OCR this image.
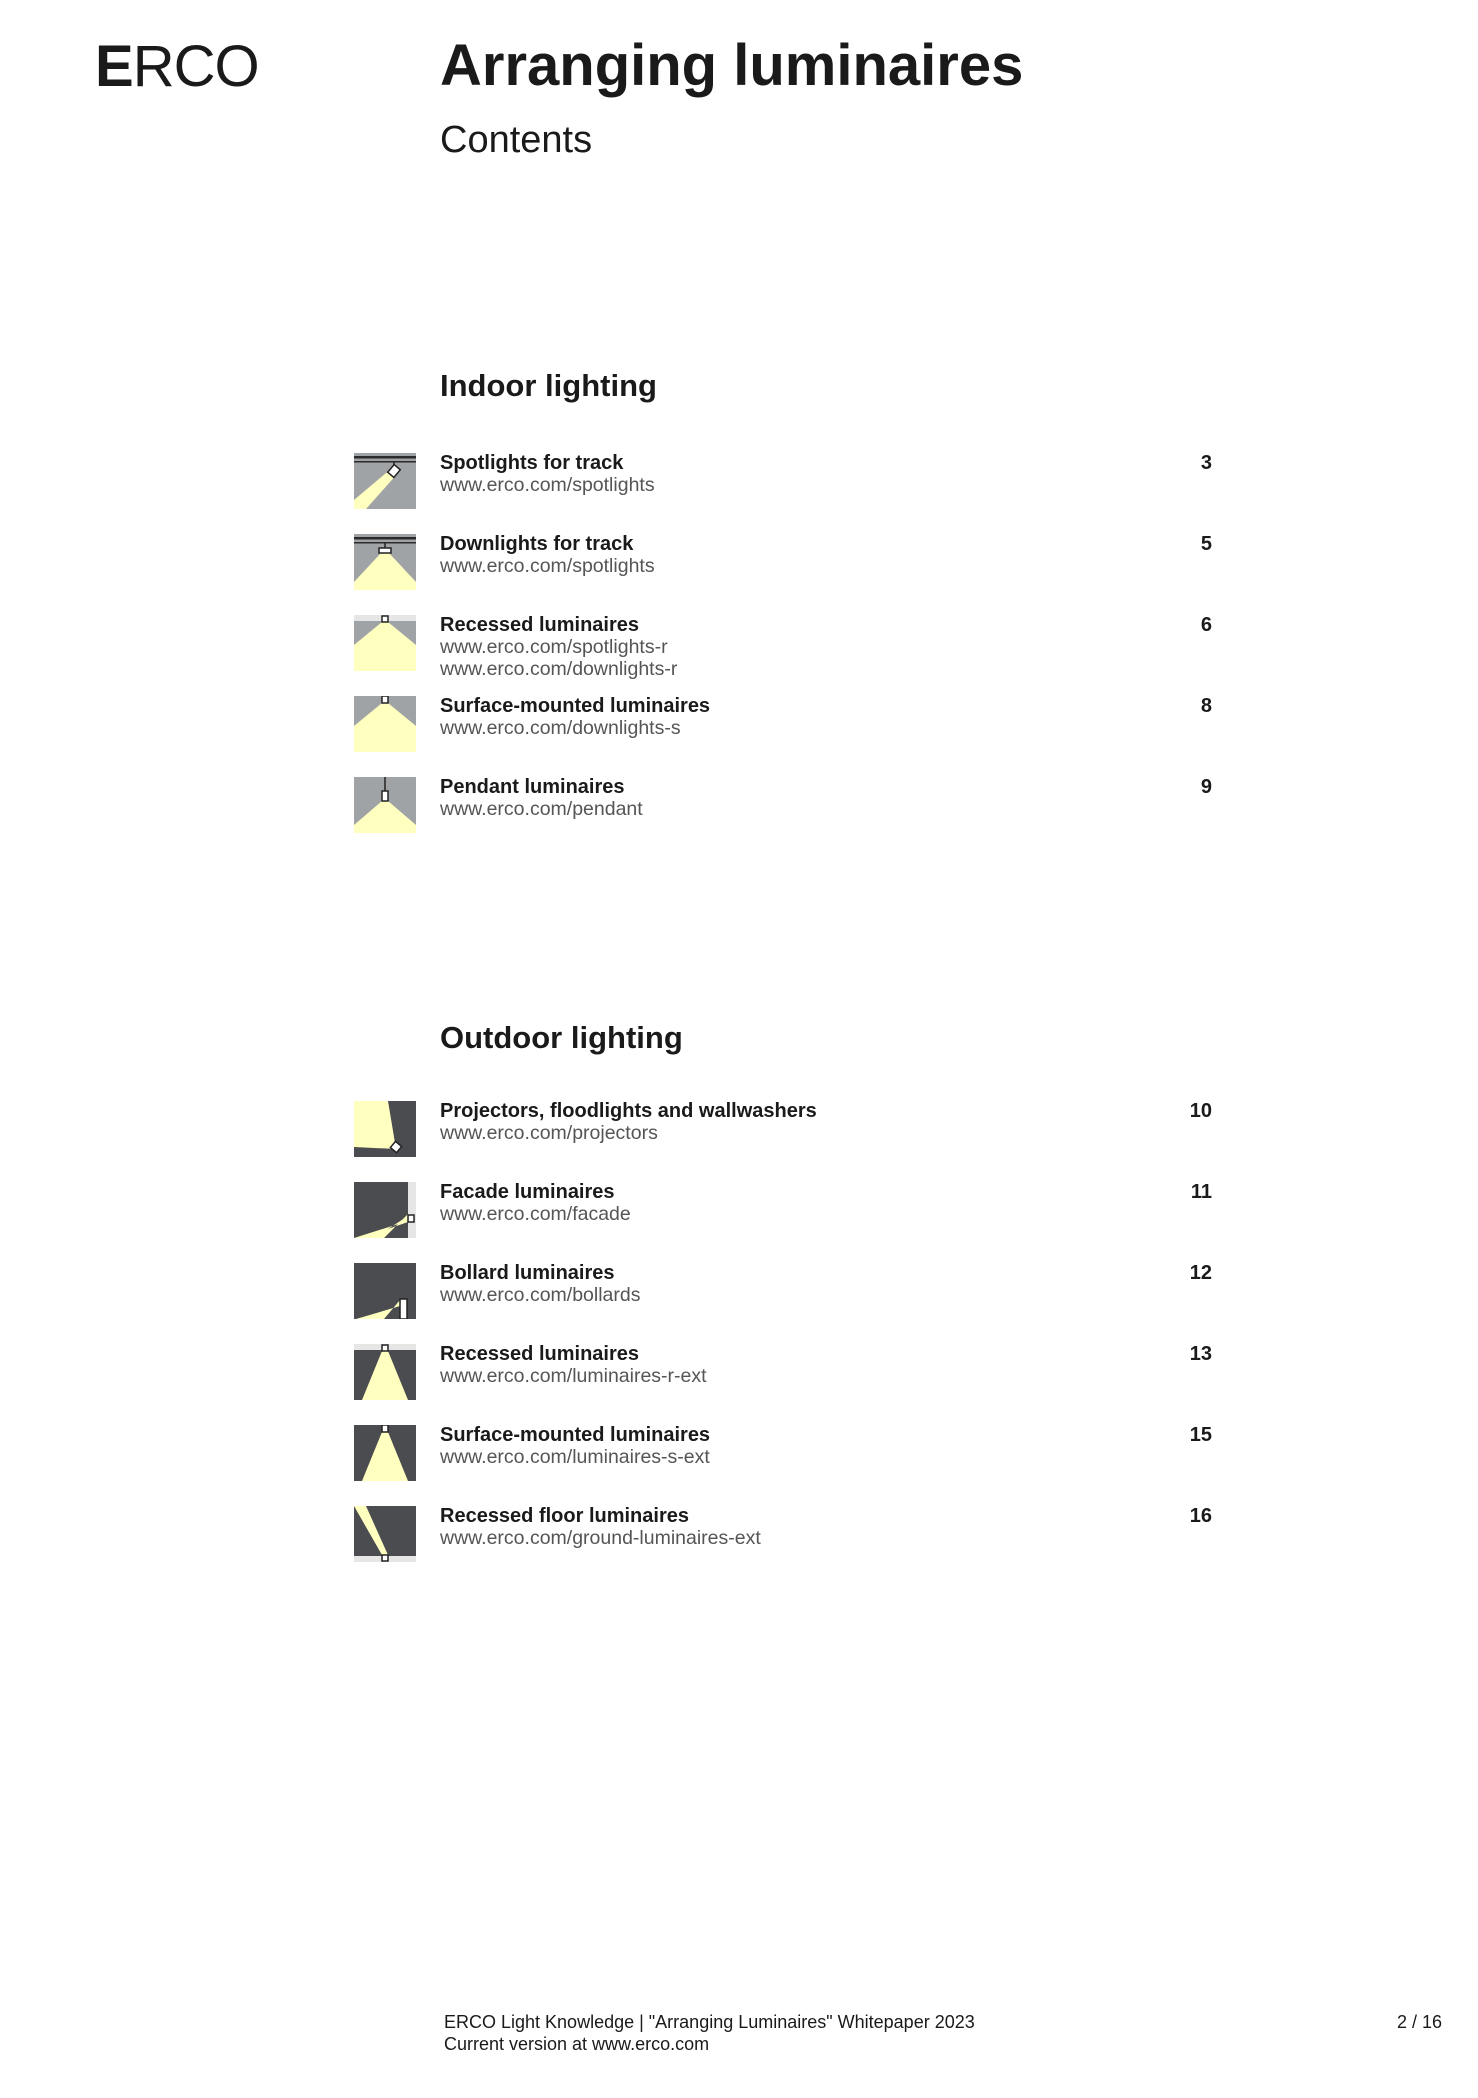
ERCO	Arranging luminaires
Contents
Indoor lighting
Spotlights for track
www.erco.com/spotlights
3
Downlights for track
www.erco.com/spotlights
5
Recessed luminaires
www.erco.com/spotlights-r
www.erco.com/downlights-r
6
Surface-mounted luminaires
www.erco.com/downlights-s
8
Pendant luminaires
www.erco.com/pendant
9
Outdoor lighting
Projectors, floodlights and wallwashers
www.erco.com/projectors
10
Facade luminaires
www.erco.com/facade
11
Bollard luminaires
www.erco.com/bollards
12
Recessed luminaires
www.erco.com/luminaires-r-ext
13
Surface-mounted luminaires
www.erco.com/luminaires-s-ext
15
Recessed floor luminaires
www.erco.com/ground-luminaires-ext
16
ERCO Light Knowledge | "Arranging Luminaires" Whitepaper 2023
Current version at www.erco.com
2 / 16
